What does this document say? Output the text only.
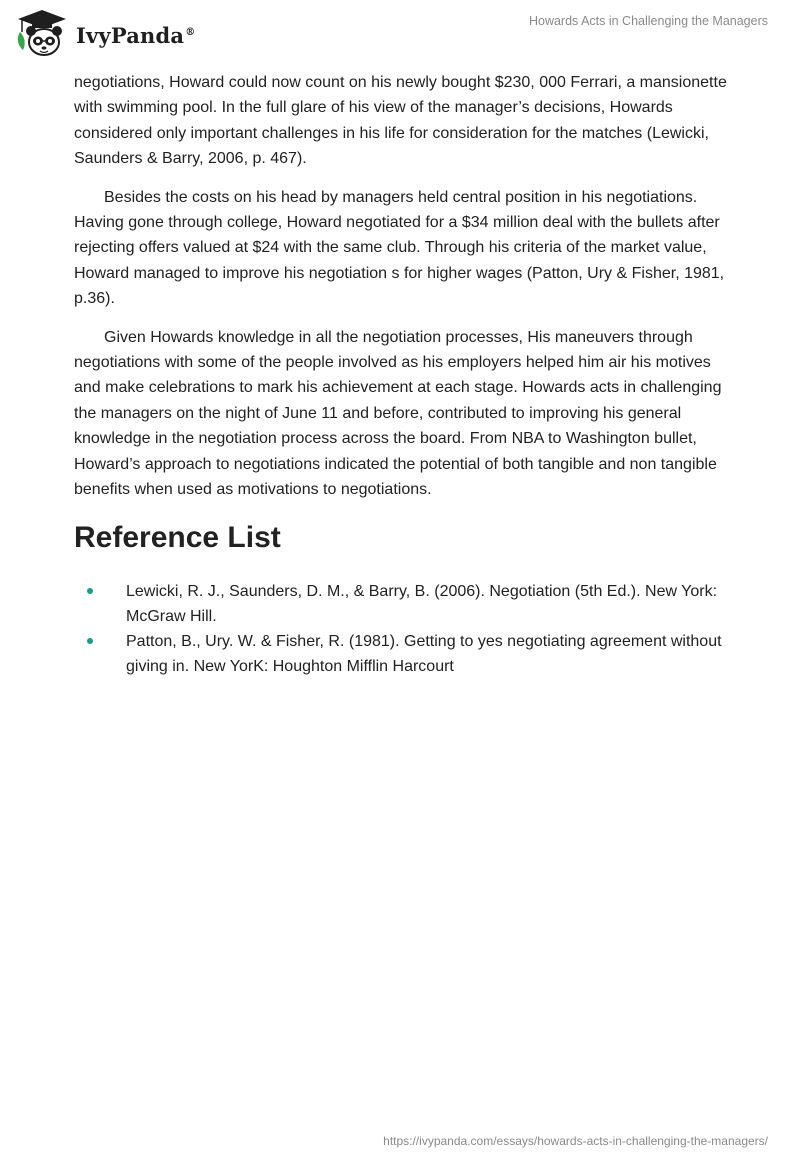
IvyPanda®
Howards Acts in Challenging the Managers

negotiations, Howard could now count on his newly bought $230, 000 Ferrari, a mansionette with swimming pool. In the full glare of his view of the manager’s decisions, Howards considered only important challenges in his life for consideration for the matches (Lewicki, Saunders & Barry, 2006, p. 467).

Besides the costs on his head by managers held central position in his negotiations. Having gone through college, Howard negotiated for a $34 million deal with the bullets after rejecting offers valued at $24 with the same club. Through his criteria of the market value, Howard managed to improve his negotiation s for higher wages (Patton, Ury & Fisher, 1981, p.36).

Given Howards knowledge in all the negotiation processes, His maneuvers through negotiations with some of the people involved as his employers helped him air his motives and make celebrations to mark his achievement at each stage. Howards acts in challenging the managers on the night of June 11 and before, contributed to improving his general knowledge in the negotiation process across the board. From NBA to Washington bullet, Howard’s approach to negotiations indicated the potential of both tangible and non tangible benefits when used as motivations to negotiations.

Reference List
Lewicki, R. J., Saunders, D. M., & Barry, B. (2006). Negotiation (5th Ed.). New York: McGraw Hill.
Patton, B., Ury. W. & Fisher, R. (1981). Getting to yes negotiating agreement without giving in. New YorK: Houghton Mifflin Harcourt
https://ivypanda.com/essays/howards-acts-in-challenging-the-managers/
